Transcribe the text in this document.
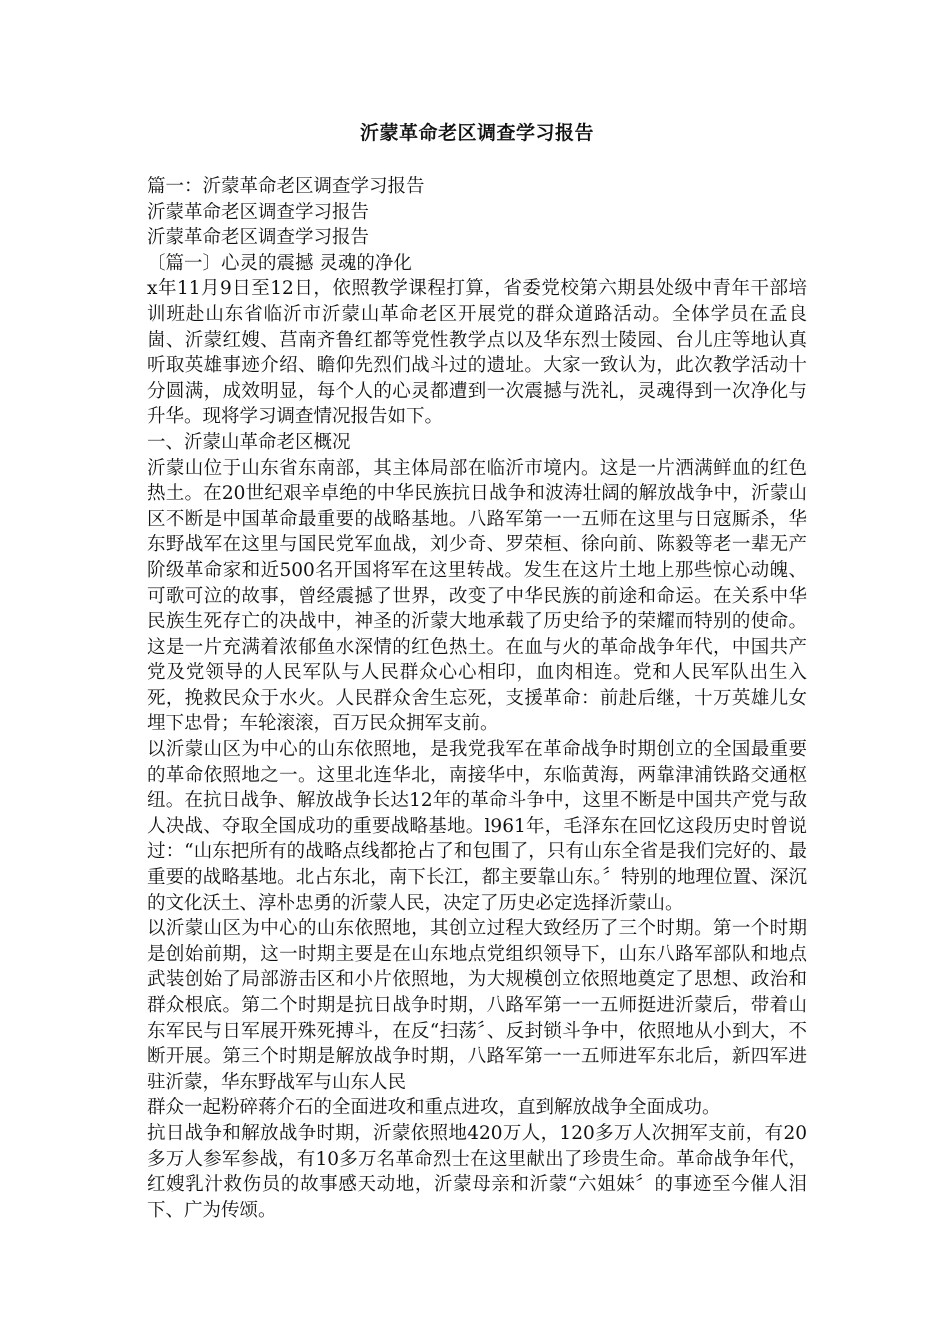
沂蒙革命老区调查学习报告

篇一：沂蒙革命老区调查学习报告

沂蒙革命老区调查学习报告

沂蒙革命老区调查学习报告

〔篇一〕心灵的震撼 灵魂的净化

x年11月9日至12日，依照教学课程打算，省委党校第六期县处级中青年干部培训班赴山东省临沂市沂蒙山革命老区开展党的群众道路活动。全体学员在孟良崮、沂蒙红嫂、莒南齐鲁红都等党性教学点以及华东烈士陵园、台儿庄等地认真听取英雄事迹介绍、瞻仰先烈们战斗过的遗址。大家一致认为，此次教学活动十分圆满，成效明显，每个人的心灵都遭到一次震撼与洗礼，灵魂得到一次净化与升华。现将学习调查情况报告如下。

一、沂蒙山革命老区概况

沂蒙山位于山东省东南部，其主体局部在临沂市境内。这是一片洒满鲜血的红色热土。在20世纪艰辛卓绝的中华民族抗日战争和波涛壮阔的解放战争中，沂蒙山区不断是中国革命最重要的战略基地。八路军第一一五师在这里与日寇厮杀，华东野战军在这里与国民党军血战，刘少奇、罗荣桓、徐向前、陈毅等老一辈无产阶级革命家和近500名开国将军在这里转战。发生在这片土地上那些惊心动魄、可歌可泣的故事，曾经震撼了世界，改变了中华民族的前途和命运。在关系中华民族生死存亡的决战中，神圣的沂蒙大地承载了历史给予的荣耀而特别的使命。这是一片充满着浓郁鱼水深情的红色热土。在血与火的革命战争年代，中国共产党及党领导的人民军队与人民群众心心相印，血肉相连。党和人民军队出生入死，挽救民众于水火。人民群众舍生忘死，支援革命：前赴后继，十万英雄儿女埋下忠骨；车轮滚滚，百万民众拥军支前。

以沂蒙山区为中心的山东依照地，是我党我军在革命战争时期创立的全国最重要的革命依照地之一。这里北连华北，南接华中，东临黄海，两靠津浦铁路交通枢纽。在抗日战争、解放战争长达12年的革命斗争中，这里不断是中国共产党与敌人决战、夺取全国成功的重要战略基地。l961年，毛泽东在回忆这段历史时曾说过：“山东把所有的战略点线都抢占了和包围了，只有山东全省是我们完好的、最重要的战略基地。北占东北，南下长江，都主要靠山东。〞特别的地理位置、深沉的文化沃土、淳朴忠勇的沂蒙人民，决定了历史必定选择沂蒙山。

以沂蒙山区为中心的山东依照地，其创立过程大致经历了三个时期。第一个时期是创始前期，这一时期主要是在山东地点党组织领导下，山东八路军部队和地点武装创始了局部游击区和小片依照地，为大规模创立依照地奠定了思想、政治和群众根底。第二个时期是抗日战争时期，八路军第一一五师挺进沂蒙后，带着山东军民与日军展开殊死搏斗，在反“扫荡〞、反封锁斗争中，依照地从小到大，不断开展。第三个时期是解放战争时期，八路军第一一五师进军东北后，新四军进驻沂蒙，华东野战军与山东人民

群众一起粉碎蒋介石的全面进攻和重点进攻，直到解放战争全面成功。

抗日战争和解放战争时期，沂蒙依照地420万人，120多万人次拥军支前，有20多万人参军参战，有10多万名革命烈士在这里献出了珍贵生命。革命战争年代，红嫂乳汁救伤员的故事感天动地，沂蒙母亲和沂蒙“六姐妹〞的事迹至今催人泪下、广为传颂。
